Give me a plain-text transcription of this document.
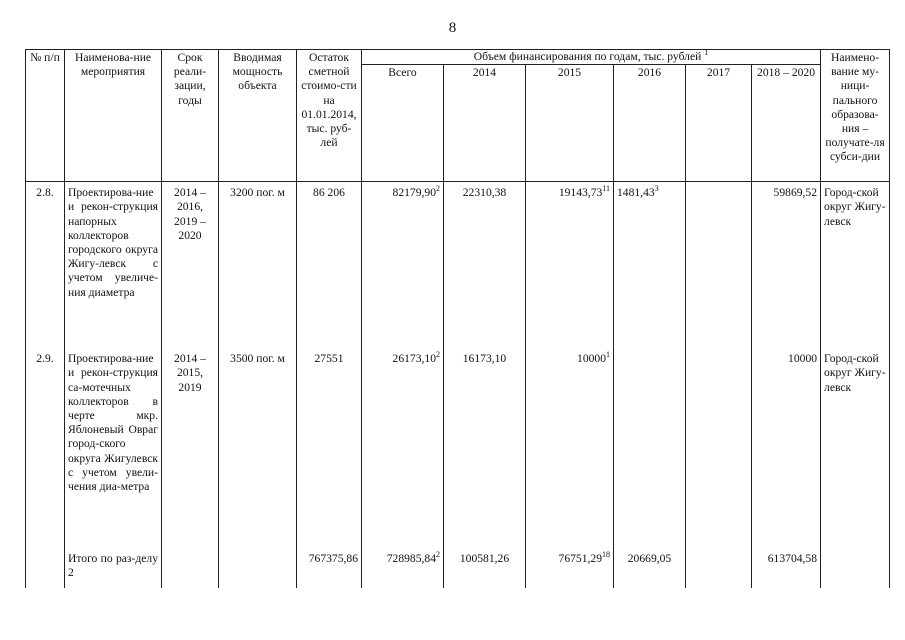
8
№ п/п	Наименова-ние мероприятия	Срок реали-зации, годы	Вводимая мощность объекта	Остаток сметной стоимо-сти на 01.01.2014, тыс. руб-лей	Объем финансирования по годам, тыс. рублей $^1$						Наимено-вание му-ници-пального образова-ния – получате-ля субси-дии
					Всего	2014	2015	2016	2017	2018 – 2020	
2.8.	Проектирова-ние и рекон-струкция напорных коллекторов городского округа Жигу-левск с учетом увеличе-ния диаметра	2014 – 2016, 2019 – 2020	3200 пог. м	86 206	82179,90$^2$	22310,38	19143,73$^{11}$	1481,43$^3$		59869,52	Город-ской округ Жигу-левск
2.9.	Проектирова-ние и рекон-струкция са-мотечных коллекторов в черте мкр. Яблоневый Овраг город-ского округа Жигулевск с учетом увели-чения диа-метра	2014 – 2015, 2019	3500 пог. м	27551	26173,10$^2$	16173,10	10000$^1$			10000	Город-ской округ Жигу-левск
	Итого по раз-делу 2			767375,86	728985,84$^2$	100581,26	76751,29$^{18}$	20669,05		613704,58	
